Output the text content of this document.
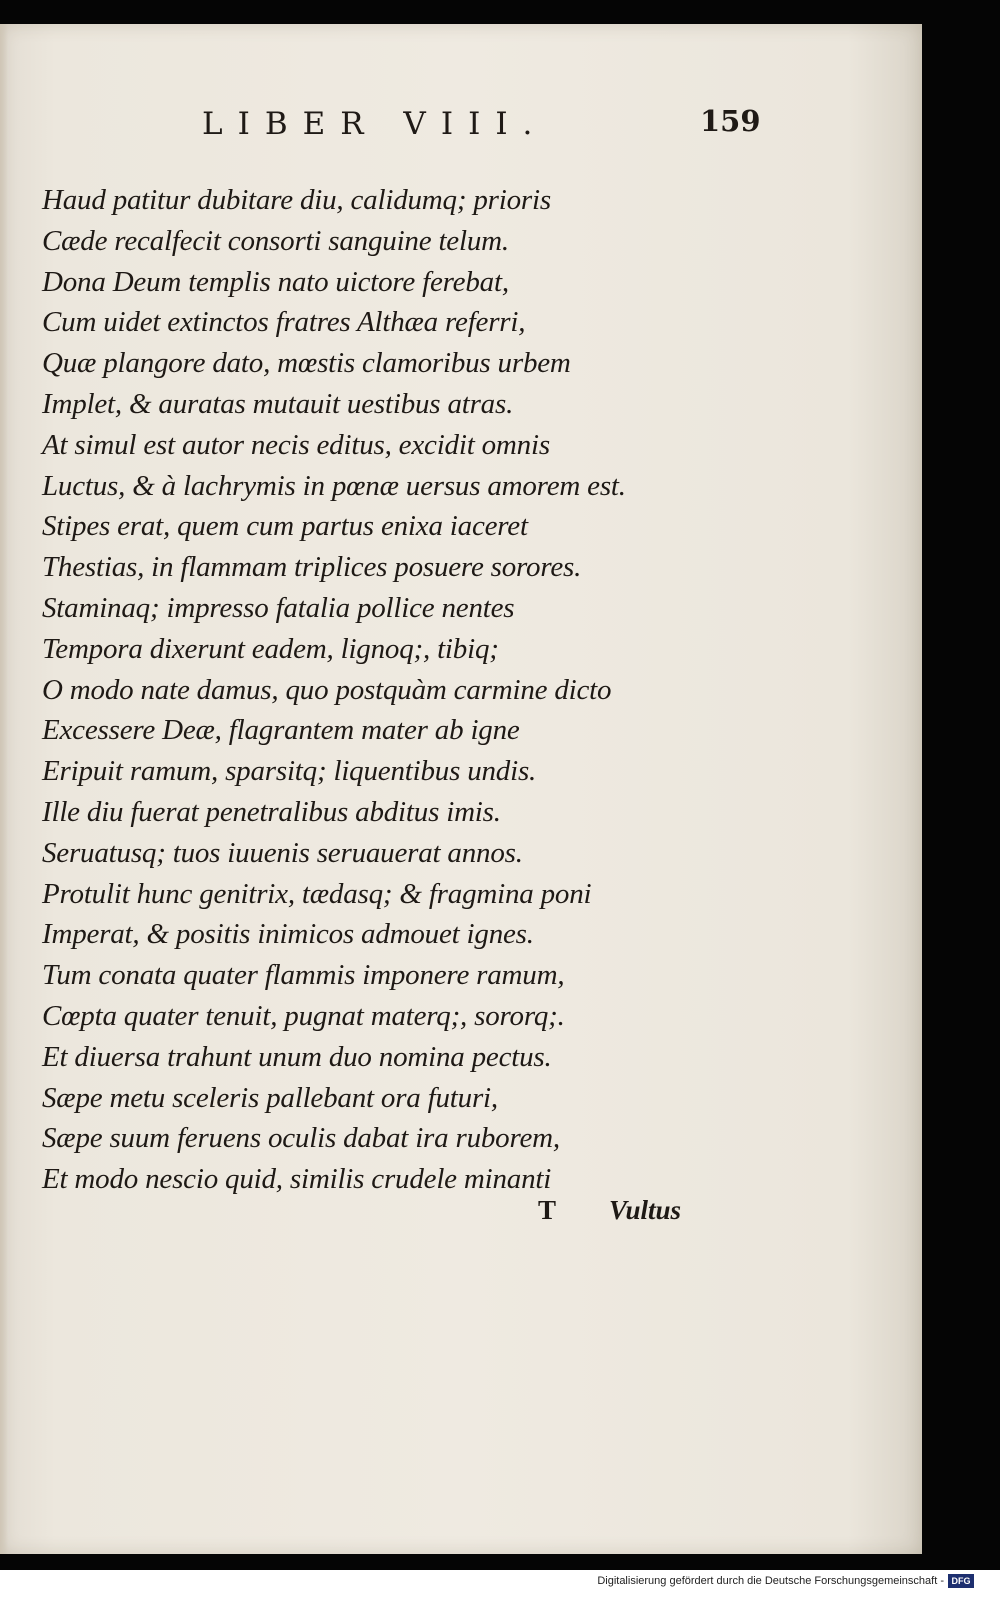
LIBER VIII.	159
Haud patitur dubitare diu, calidumq; prioris
Cæde recalfecit consorti sanguine telum.
Dona Deum templis nato uictore ferebat,
Cum uidet extinctos fratres Althæa referri,
Quæ plangore dato, mœstis clamoribus urbem
Implet, & auratas mutauit uestibus atras.
At simul est autor necis editus, excidit omnis
Luctus, & à lachrymis in pœnæ uersus amorem est.
Stipes erat, quem cum partus enixa iaceret
Thestias, in flammam triplices posuere sorores.
Staminaq; impresso fatalia pollice nentes
Tempora dixerunt eadem, lignoq;, tibiq;
O modo nate damus, quo postquàm carmine dicto
Excessere Deæ, flagrantem mater ab igne
Eripuit ramum, sparsitq; liquentibus undis.
Ille diu fuerat penetralibus abditus imis.
Seruatusq; tuos iuuenis seruauerat annos.
Protulit hunc genitrix, tædasq; & fragmina poni
Imperat, & positis inimicos admouet ignes.
Tum conata quater flammis imponere ramum,
Cœpta quater tenuit, pugnat materq;, sororq;.
Et diuersa trahunt unum duo nomina pectus.
Sæpe metu sceleris pallebant ora futuri,
Sæpe suum feruens oculis dabat ira ruborem,
Et modo nescio quid, similis crudele minanti
T Vultus
Digitalisierung gefördert durch die Deutsche Forschungsgemeinschaft - DFG
